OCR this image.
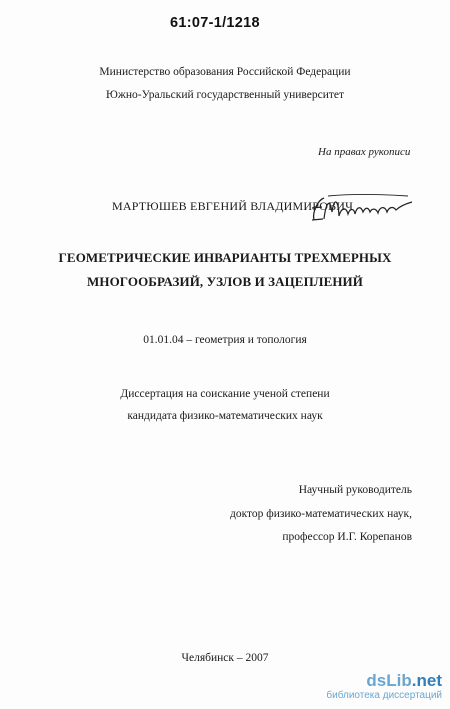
61:07-1/1218
Министерство образования Российской Федерации
Южно-Уральский государственный университет
На правах рукописи
МАРТЮШЕВ ЕВГЕНИЙ ВЛАДИМИРОВИЧ
ГЕОМЕТРИЧЕСКИЕ ИНВАРИАНТЫ ТРЕХМЕРНЫХ
МНОГООБРАЗИЙ, УЗЛОВ И ЗАЦЕПЛЕНИЙ
01.01.04 – геометрия и топология
Диссертация на соискание ученой степени
кандидата физико-математических наук
Научный руководитель
доктор физико-математических наук,
профессор И.Г. Корепанов
Челябинск – 2007
dsLib.net
библиотека диссертаций
